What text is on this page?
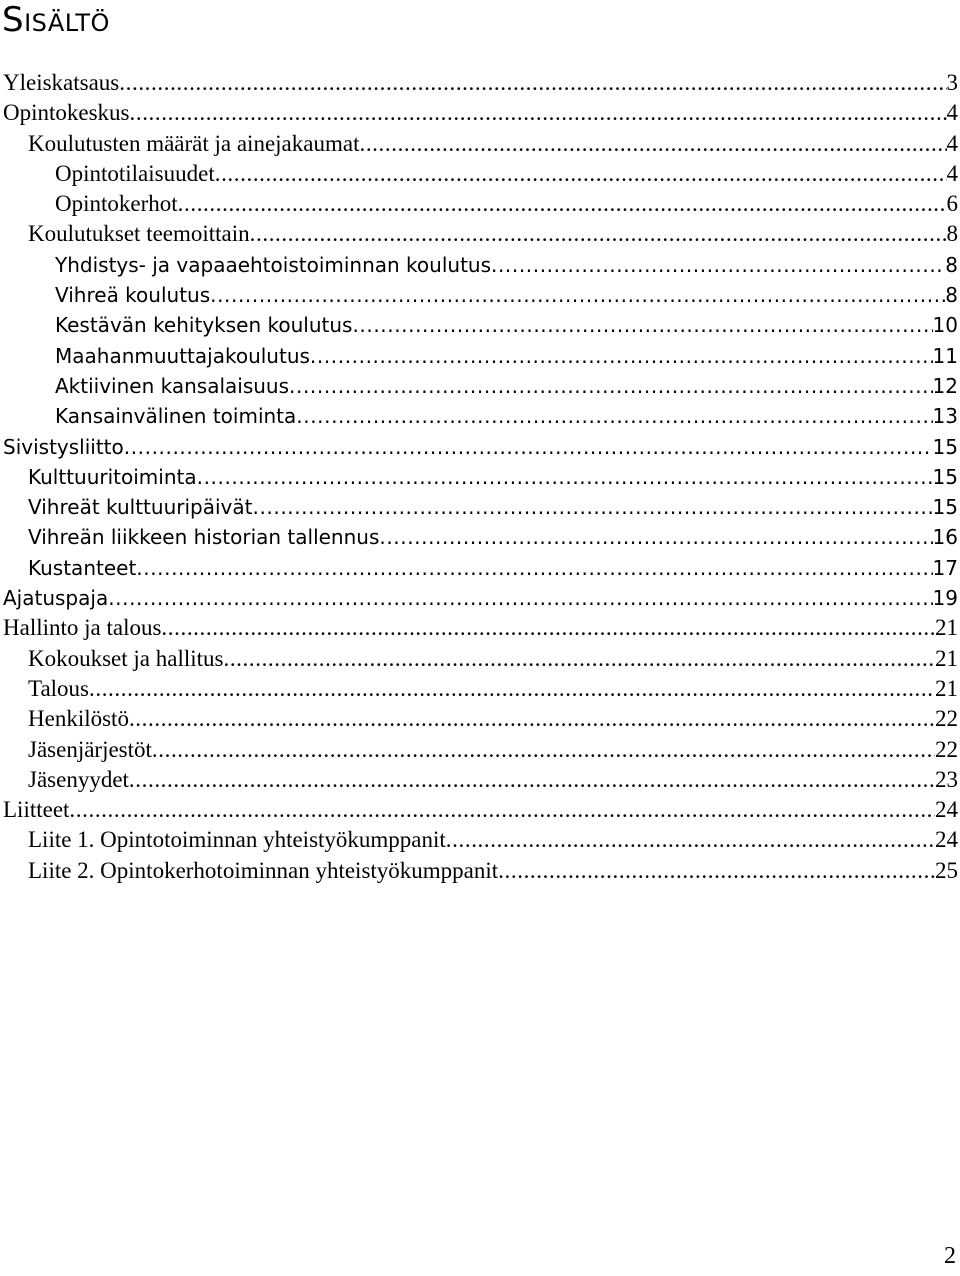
Sisältö
Yleiskatsaus .....	3
Opintokeskus .....	4
Koulutusten määrät ja ainejakaumat .....	4
Opintotilaisuudet .....	4
Opintokerhot .....	6
Koulutukset teemoittain .....	8
Yhdistys- ja vapaaehtoistoiminnan koulutus .....	8
Vihreä koulutus .....	8
Kestävän kehityksen koulutus .....	10
Maahanmuuttajakoulutus .....	11
Aktiivinen kansalaisuus .....	12
Kansainvälinen toiminta .....	13
Sivistysliitto .....	15
Kulttuuritoiminta .....	15
Vihreät kulttuuripäivät .....	15
Vihreän liikkeen historian tallennus .....	16
Kustanteet .....	17
Ajatuspaja .....	19
Hallinto ja talous .....	21
Kokoukset ja hallitus .....	21
Talous .....	21
Henkilöstö .....	22
Jäsenjärjestöt .....	22
Jäsenyydet .....	23
Liitteet .....	24
Liite 1. Opintotoiminnan yhteistyökumppanit .....	24
Liite 2. Opintokerhotoiminnan yhteistyökumppanit .....	25
2
